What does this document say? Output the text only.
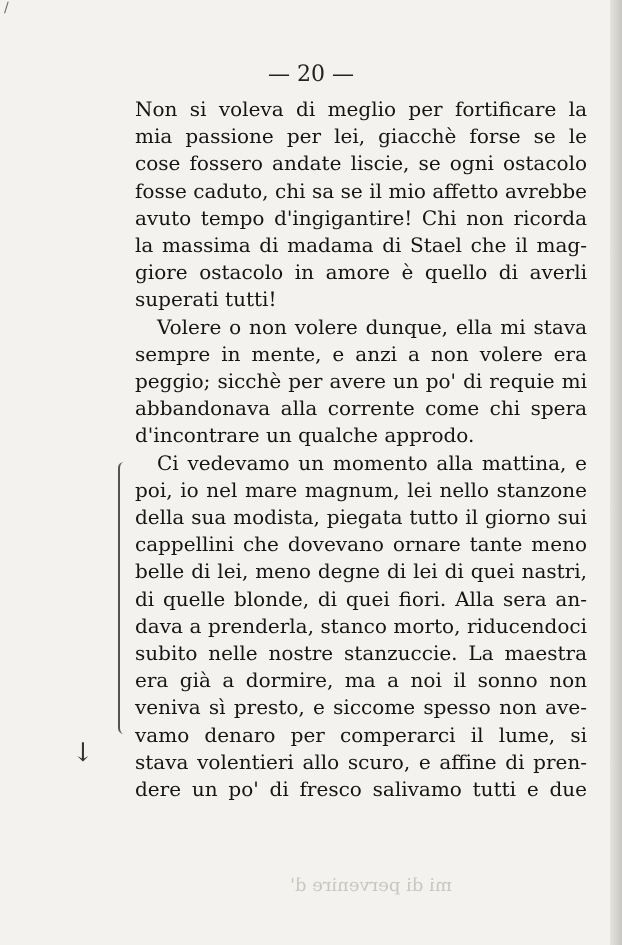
∕
— 20 —
↓
Non si voleva di meglio per fortificare la
mia passione per lei, giacchè forse se le
cose fossero andate liscie, se ogni ostacolo
fosse caduto, chi sa se il mio affetto avrebbe
avuto tempo d'ingigantire! Chi non ricorda
la massima di madama di Stael che il mag-
giore ostacolo in amore è quello di averli
superati tutti!
Volere o non volere dunque, ella mi stava
sempre in mente, e anzi a non volere era
peggio; sicchè per avere un po' di requie mi
abbandonava alla corrente come chi spera
d'incontrare un qualche approdo.
Ci vedevamo un momento alla mattina, e
poi, io nel mare magnum, lei nello stanzone
della sua modista, piegata tutto il giorno sui
cappellini che dovevano ornare tante meno
belle di lei, meno degne di lei di quei nastri,
di quelle blonde, di quei fiori. Alla sera an-
dava a prenderla, stanco morto, riducendoci
subito nelle nostre stanzuccie. La maestra
era già a dormire, ma a noi il sonno non
veniva sì presto, e siccome spesso non ave-
vamo denaro per comperarci il lume, si
stava volentieri allo scuro, e affine di pren-
dere un po' di fresco salivamo tutti e due
mi di pervenire d'
